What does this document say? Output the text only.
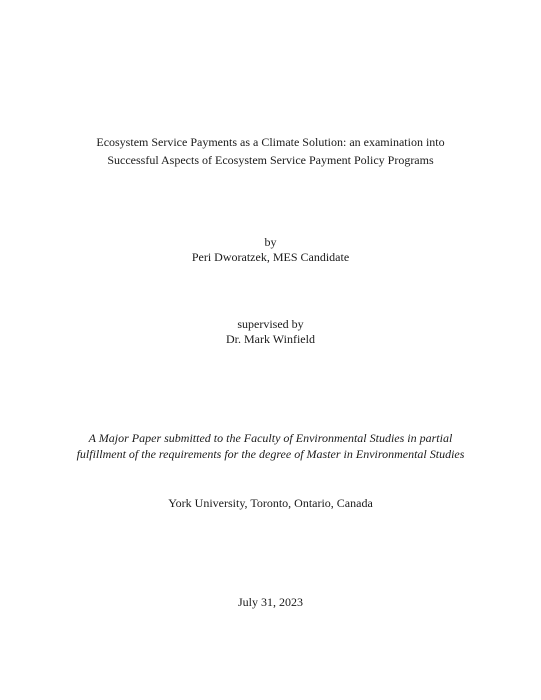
Ecosystem Service Payments as a Climate Solution: an examination into
Successful Aspects of Ecosystem Service Payment Policy Programs
by
Peri Dworatzek, MES Candidate
supervised by
Dr. Mark Winfield
A Major Paper submitted to the Faculty of Environmental Studies in partial
fulfillment of the requirements for the degree of Master in Environmental Studies
York University, Toronto, Ontario, Canada
July 31, 2023
